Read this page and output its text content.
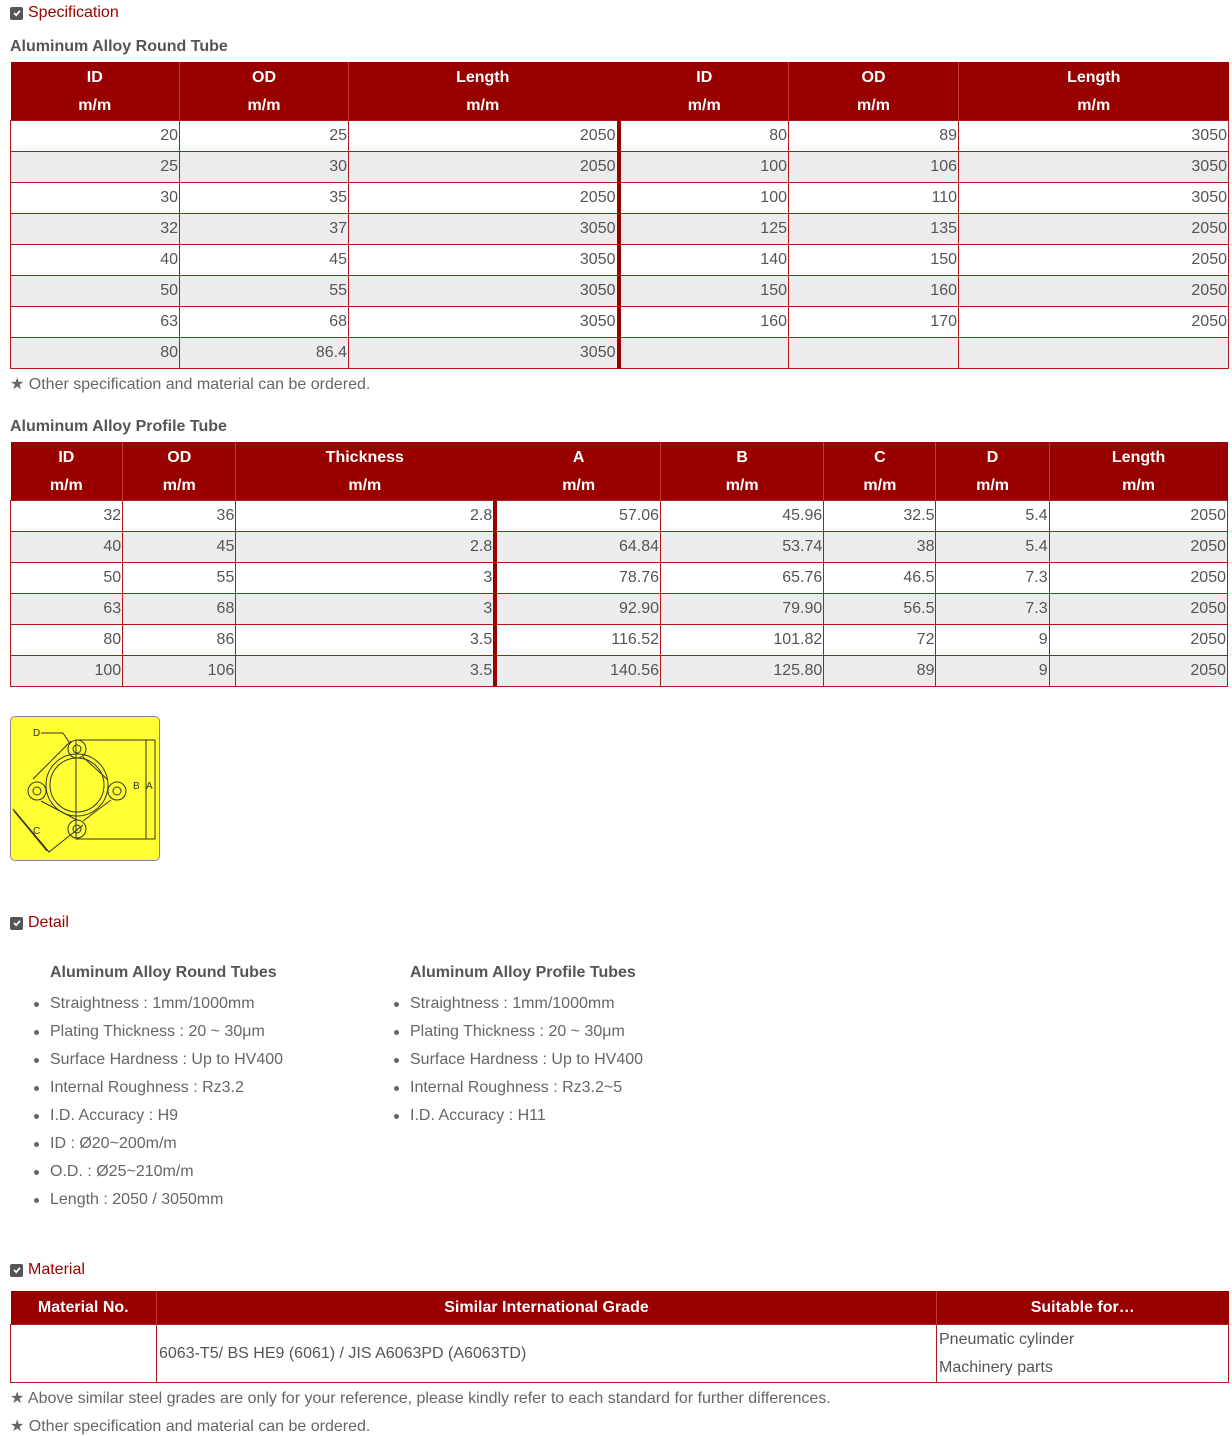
Specification
Aluminum Alloy Round Tube
ID	OD	Length	ID	OD	Length
m/m	m/m	m/m	m/m	m/m	m/m
20	25	2050	80	89	3050
25	30	2050	100	106	3050
30	35	2050	100	110	3050
32	37	3050	125	135	2050
40	45	3050	140	150	2050
50	55	3050	150	160	2050
63	68	3050	160	170	2050
80	86.4	3050			
★ Other specification and material can be ordered.
Aluminum Alloy Profile Tube
ID	OD	Thickness	A	B	C	D	Length
m/m	m/m	m/m	m/m	m/m	m/m	m/m	m/m
32	36	2.8	57.06	45.96	32.5	5.4	2050
40	45	2.8	64.84	53.74	38	5.4	2050
50	55	3	78.76	65.76	46.5	7.3	2050
63	68	3	92.90	79.90	56.5	7.3	2050
80	86	3.5	116.52	101.82	72	9	2050
100	106	3.5	140.56	125.80	89	9	2050
D
B A
C
Detail
Aluminum Alloy Round Tubes
Straightness : 1mm/1000mm
Plating Thickness : 20 ~ 30μm
Surface Hardness : Up to HV400
Internal Roughness : Rz3.2
I.D. Accuracy : H9
ID : Ø20~200m/m
O.D. : Ø25~210m/m
Length : 2050 / 3050mm
Aluminum Alloy Profile Tubes
Straightness : 1mm/1000mm
Plating Thickness : 20 ~ 30μm
Surface Hardness : Up to HV400
Internal Roughness : Rz3.2~5
I.D. Accuracy : H11
Material
Material No.	Similar International Grade	Suitable for…
	6063-T5/ BS HE9 (6061) / JIS A6063PD (A6063TD)	Pneumatic cylinder
Machinery parts
★ Above similar steel grades are only for your reference, please kindly refer to each standard for further differences.
★ Other specification and material can be ordered.
